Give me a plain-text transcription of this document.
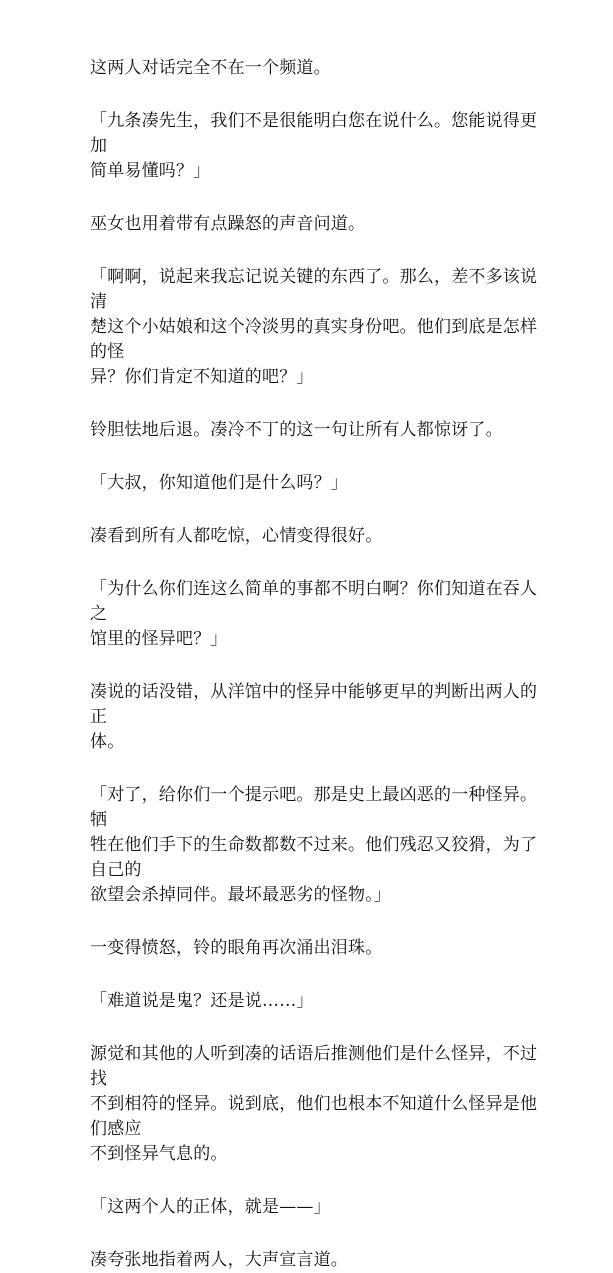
这两人对话完全不在一个频道。

「九条凑先生，我们不是很能明白您在说什么。您能说得更加

简单易懂吗？」

巫女也用着带有点躁怒的声音问道。

「啊啊，说起来我忘记说关键的东西了。那么，差不多该说清

楚这个小姑娘和这个冷淡男的真实身份吧。他们到底是怎样的怪

异？你们肯定不知道的吧？」

铃胆怯地后退。凑冷不丁的这一句让所有人都惊讶了。

「大叔，你知道他们是什么吗？」

凑看到所有人都吃惊，心情变得很好。

「为什么你们连这么简单的事都不明白啊？你们知道在吞人之

馆里的怪异吧？」

凑说的话没错，从洋馆中的怪异中能够更早的判断出两人的正

体。

「对了，给你们一个提示吧。那是史上最凶恶的一种怪异。牺

牲在他们手下的生命数都数不过来。他们残忍又狡猾，为了自己的

欲望会杀掉同伴。最坏最恶劣的怪物。」

一变得愤怒，铃的眼角再次涌出泪珠。

「难道说是鬼？还是说……」

源觉和其他的人听到凑的话语后推测他们是什么怪异，不过找

不到相符的怪异。说到底，他们也根本不知道什么怪异是他们感应

不到怪异气息的。

「这两个人的正体，就是——」

凑夸张地指着两人，大声宣言道。
